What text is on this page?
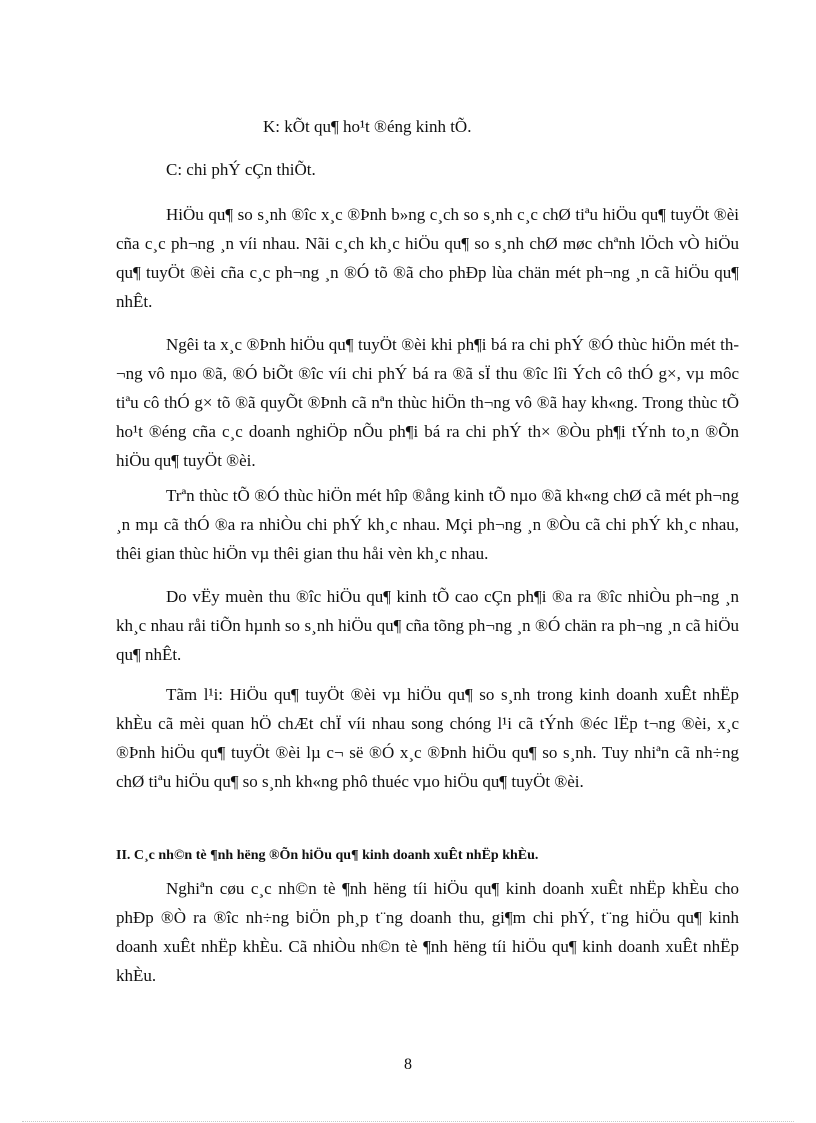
K: kÕt qu¶ ho¹t ®éng kinh tÕ.
C: chi phÝ cÇn thiÕt.

HiÖu qu¶ so s¸nh ®îc x¸c ®Þnh b»ng c¸ch so s¸nh c¸c chØ tiªu hiÖu qu¶ tuyÖt ®èi cña c¸c ph¬ng ¸n víi nhau. Nãi c¸ch kh¸c hiÖu qu¶ so s¸nh chØ møc chªnh lÖch vÒ hiÖu qu¶ tuyÖt ®èi cña c¸c ph¬ng ¸n ®Ó tõ ®ã cho phÐp lùa chän mét ph¬ng ¸n cã hiÖu qu¶ nhÊt.

Ngêi ta x¸c ®Þnh hiÖu qu¶ tuyÖt ®èi khi ph¶i bá ra chi phÝ ®Ó thùc hiÖn mét th¬ng vô nµo ®ã, ®Ó biÕt ®îc víi chi phÝ bá ra ®ã sÏ thu ®îc lîi Ých cô thÓ g×, vµ môc tiªu cô thÓ g× tõ ®ã quyÕt ®Þnh cã nªn thùc hiÖn th¬ng vô ®ã hay kh«ng. Trong thùc tÕ ho¹t ®éng cña c¸c doanh nghiÖp nÕu ph¶i bá ra chi phÝ th× ®Òu ph¶i tÝnh to¸n ®Õn hiÖu qu¶ tuyÖt ®èi.

Trªn thùc tÕ ®Ó thùc hiÖn mét hîp ®ång kinh tÕ nµo ®ã kh«ng chØ cã mét ph¬ng ¸n mµ cã thÓ ®a ra nhiÒu chi phÝ kh¸c nhau. Mçi ph¬ng ¸n ®Òu cã chi phÝ kh¸c nhau, thêi gian thùc hiÖn vµ thêi gian thu håi vèn kh¸c nhau.

Do vËy muèn thu ®îc hiÖu qu¶ kinh tÕ cao cÇn ph¶i ®a ra ®îc nhiÒu ph¬ng ¸n kh¸c nhau råi tiÕn hµnh so s¸nh hiÖu qu¶ cña tõng ph¬ng ¸n ®Ó chän ra ph¬ng ¸n cã hiÖu qu¶ nhÊt.

Tãm l¹i: HiÖu qu¶ tuyÖt ®èi vµ hiÖu qu¶ so s¸nh trong kinh doanh xuÊt nhËp khÈu cã mèi quan hÖ chÆt chÏ víi nhau song chóng l¹i cã tÝnh ®éc lËp t¬ng ®èi, x¸c ®Þnh hiÖu qu¶ tuyÖt ®èi lµ c¬ së ®Ó x¸c ®Þnh hiÖu qu¶ so s¸nh. Tuy nhiªn cã nh÷ng chØ tiªu hiÖu qu¶ so s¸nh kh«ng phô thuéc vµo hiÖu qu¶ tuyÖt ®èi.

II. C¸c nh©n tè ¶nh hëng ®Õn hiÖu qu¶ kinh doanh xuÊt nhËp khÈu.

Nghiªn cøu c¸c nh©n tè ¶nh hëng tíi hiÖu qu¶ kinh doanh xuÊt nhËp khÈu cho phÐp ®Ò ra ®îc nh÷ng biÖn ph¸p t¨ng doanh thu, gi¶m chi phÝ, t¨ng hiÖu qu¶ kinh doanh xuÊt nhËp khÈu. Cã nhiÒu nh©n tè ¶nh hëng tíi hiÖu qu¶ kinh doanh xuÊt nhËp khÈu.

8
